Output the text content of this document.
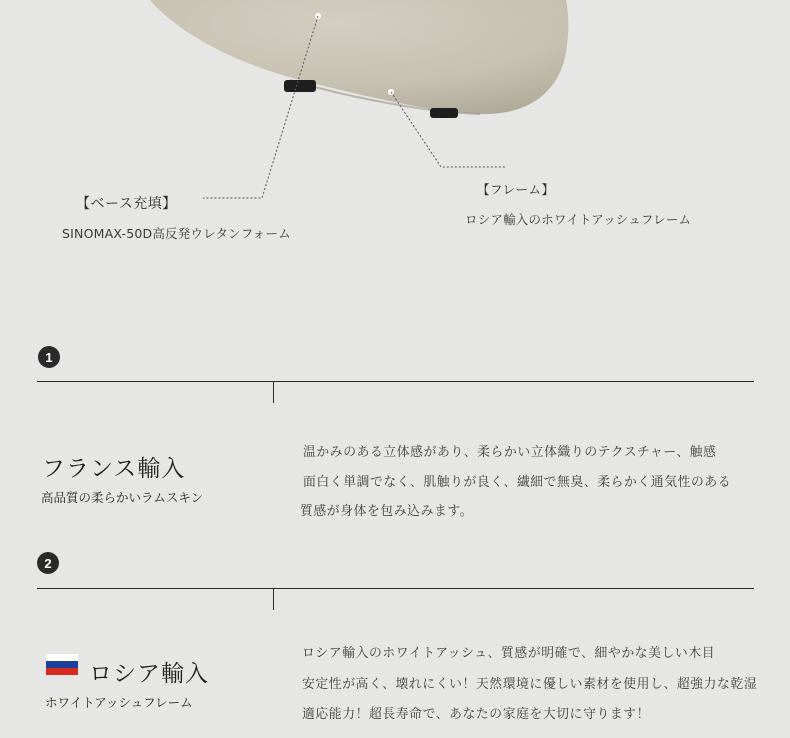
【ベース充填】
SINOMAX-50D高反発ウレタンフォーム
【フレーム】
ロシア輸入のホワイトアッシュフレーム
1
フランス輸入
高品質の柔らかいラムスキン
温かみのある立体感があり、柔らかい立体織りのテクスチャー、触感
面白く単調でなく、肌触りが良く、繊細で無臭、柔らかく通気性のある
質感が身体を包み込みます。
2
ロシア輸入
ホワイトアッシュフレーム
ロシア輸入のホワイトアッシュ、質感が明確で、細やかな美しい木目
安定性が高く、壊れにくい！天然環境に優しい素材を使用し、超強力な乾湿
適応能力！超長寿命で、あなたの家庭を大切に守ります！
